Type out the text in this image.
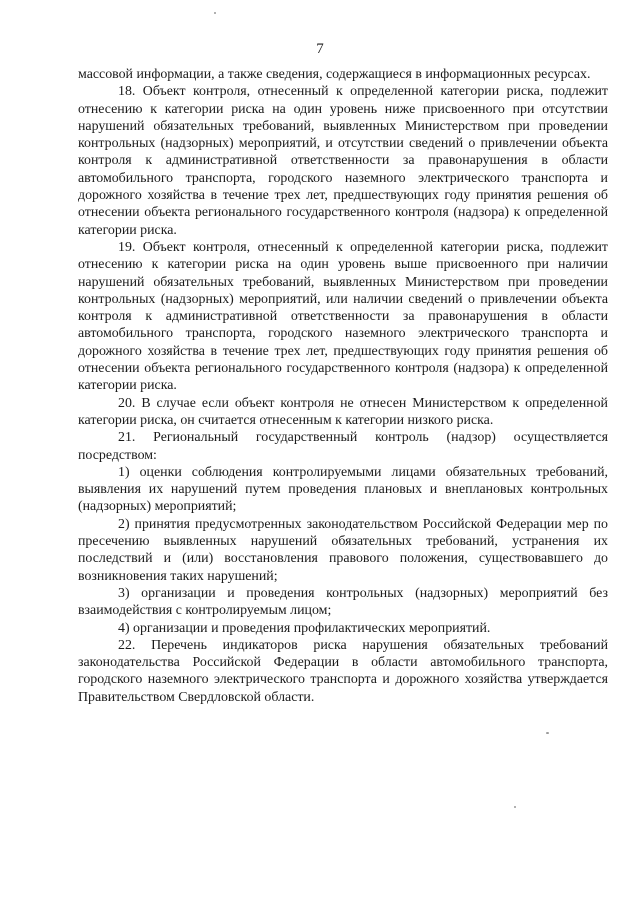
7

массовой информации, а также сведения, содержащиеся в информационных ресурсах.

18. Объект контроля, отнесенный к определенной категории риска, подлежит отнесению к категории риска на один уровень ниже присвоенного при отсутствии нарушений обязательных требований, выявленных Министерством при проведении контрольных (надзорных) мероприятий, и отсутствии сведений о привлечении объекта контроля к административной ответственности за правонарушения в области автомобильного транспорта, городского наземного электрического транспорта и дорожного хозяйства в течение трех лет, предшествующих году принятия решения об отнесении объекта регионального государственного контроля (надзора) к определенной категории риска.

19. Объект контроля, отнесенный к определенной категории риска, подлежит отнесению к категории риска на один уровень выше присвоенного при наличии нарушений обязательных требований, выявленных Министерством при проведении контрольных (надзорных) мероприятий, или наличии сведений о привлечении объекта контроля к административной ответственности за правонарушения в области автомобильного транспорта, городского наземного электрического транспорта и дорожного хозяйства в течение трех лет, предшествующих году принятия решения об отнесении объекта регионального государственного контроля (надзора) к определенной категории риска.

20. В случае если объект контроля не отнесен Министерством к определенной категории риска, он считается отнесенным к категории низкого риска.

21. Региональный государственный контроль (надзор) осуществляется посредством:

1) оценки соблюдения контролируемыми лицами обязательных требований, выявления их нарушений путем проведения плановых и внеплановых контрольных (надзорных) мероприятий;

2) принятия предусмотренных законодательством Российской Федерации мер по пресечению выявленных нарушений обязательных требований, устранения их последствий и (или) восстановления правового положения, существовавшего до возникновения таких нарушений;

3) организации и проведения контрольных (надзорных) мероприятий без взаимодействия с контролируемым лицом;

4) организации и проведения профилактических мероприятий.

22. Перечень индикаторов риска нарушения обязательных требований законодательства Российской Федерации в области автомобильного транспорта, городского наземного электрического транспорта и дорожного хозяйства утверждается Правительством Свердловской области.
